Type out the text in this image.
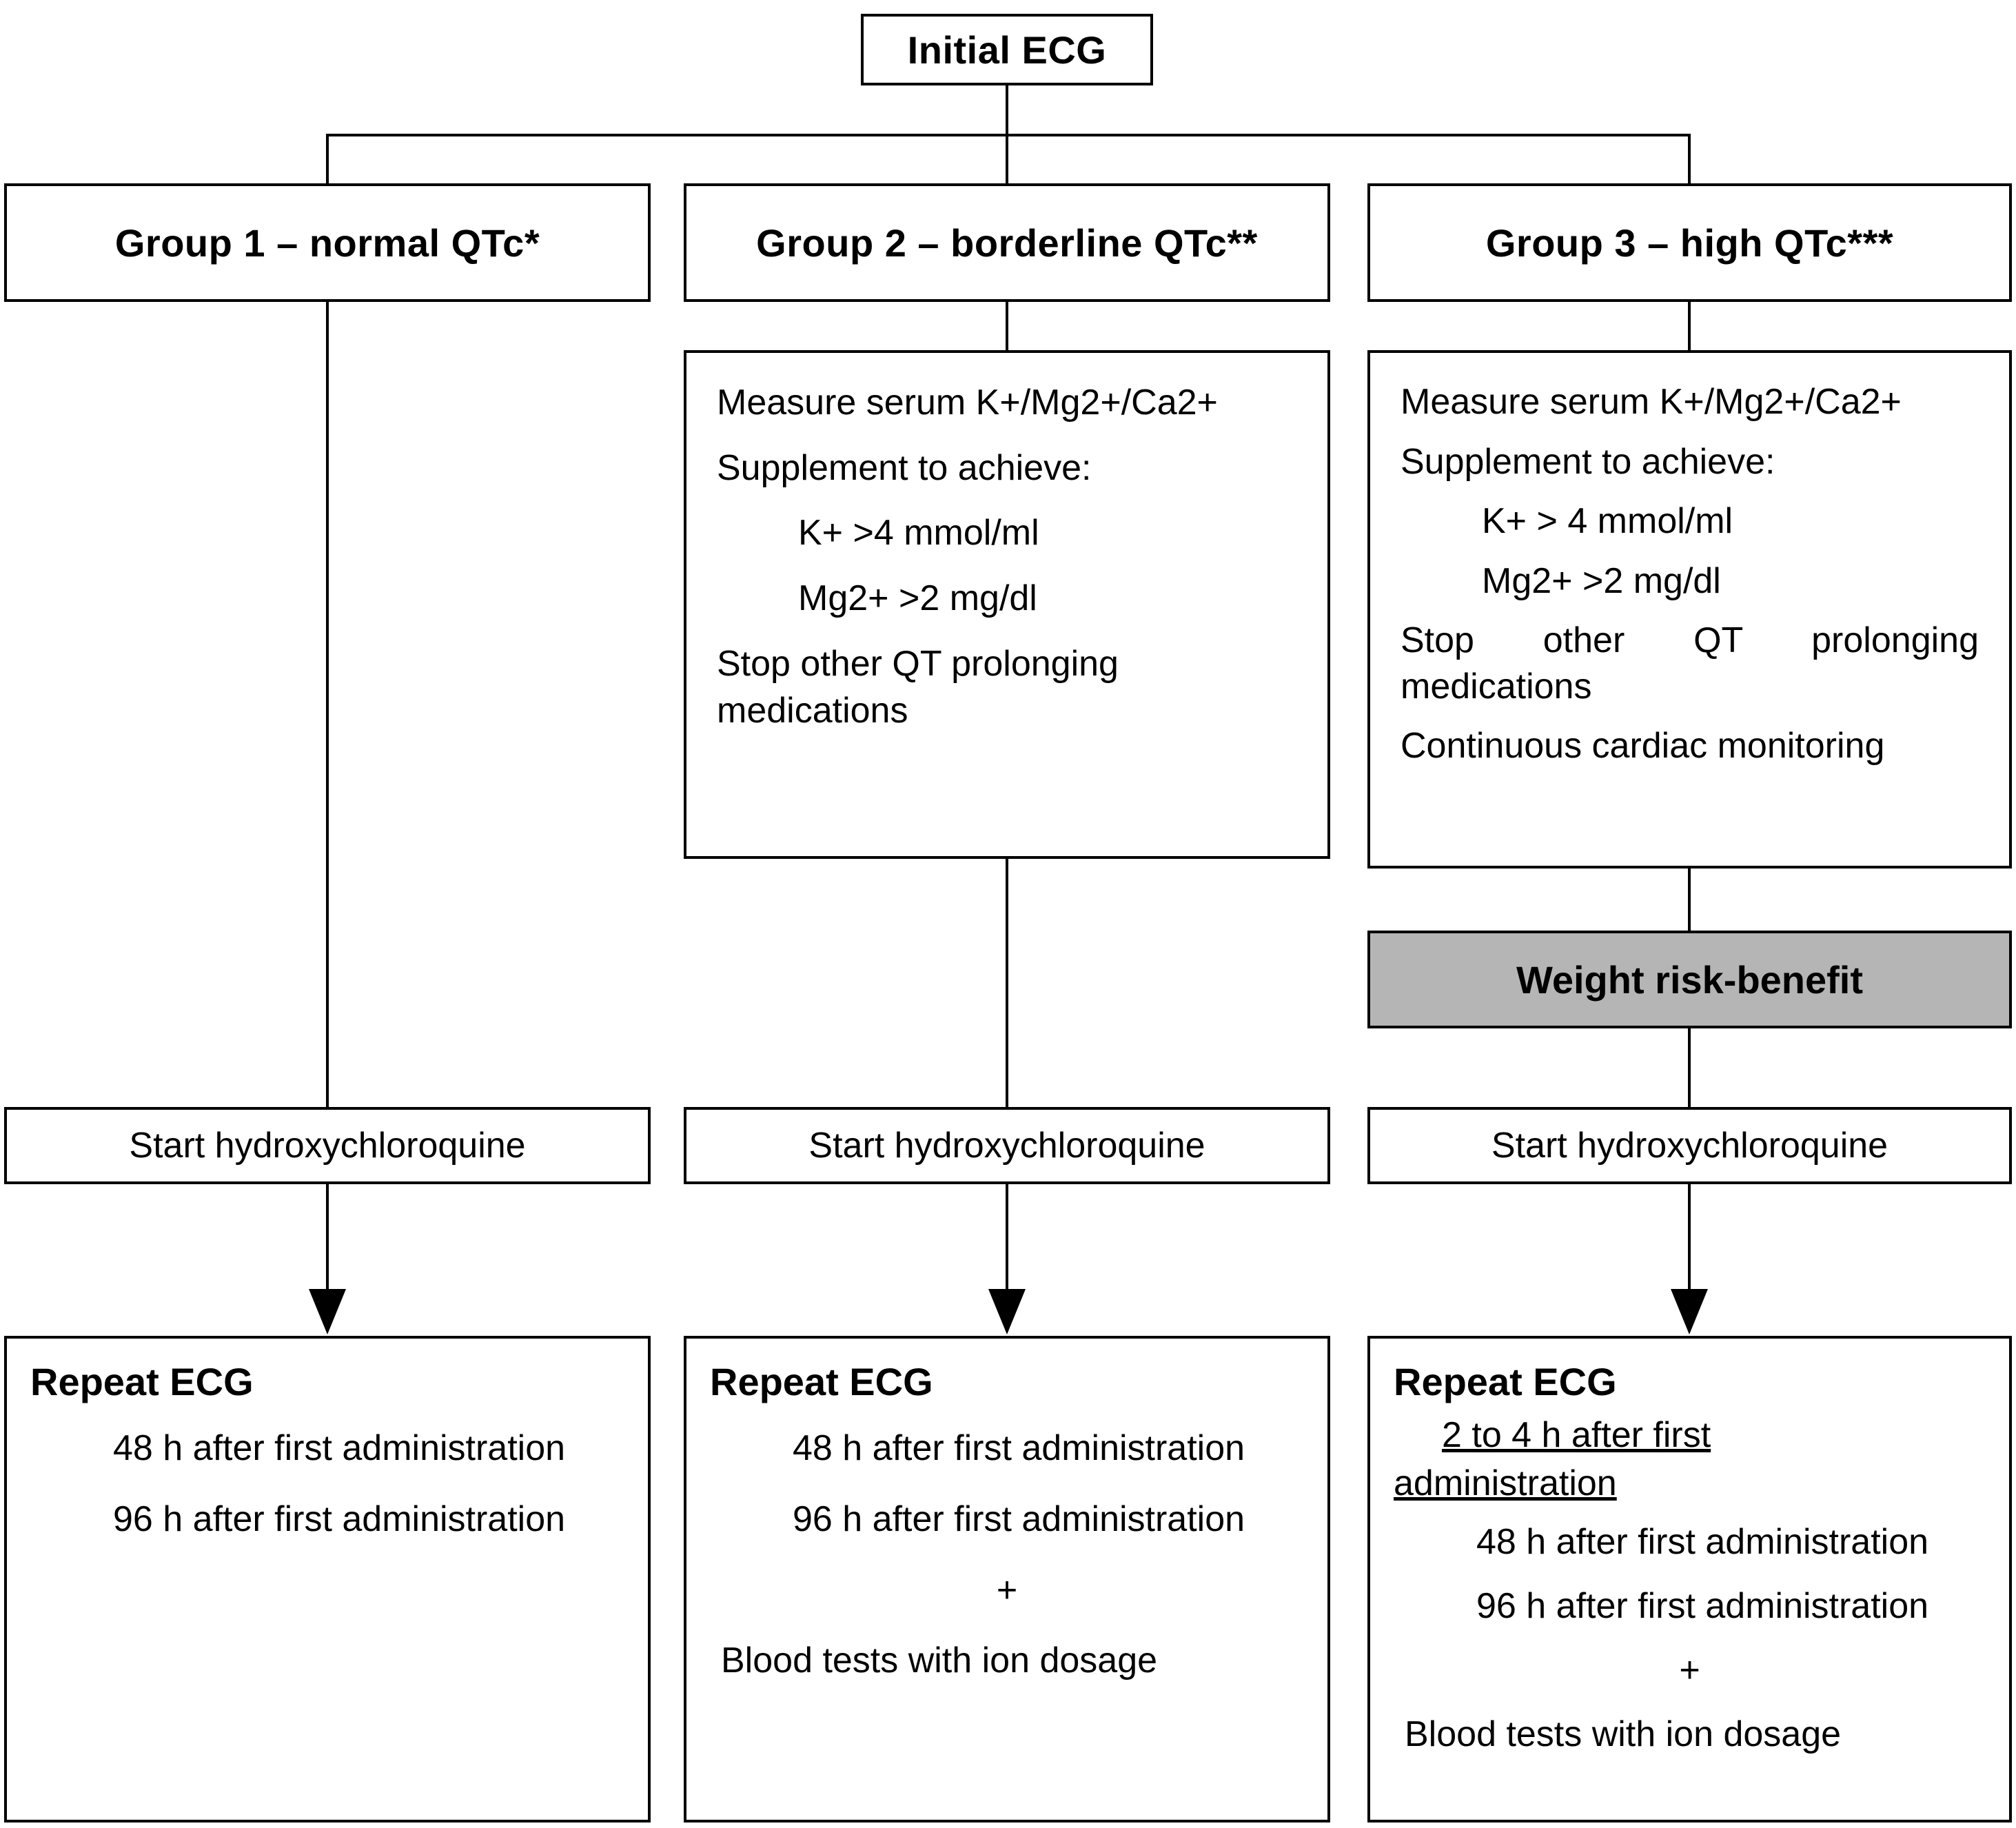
Initial ECG
Group 1 – normal QTc*	Group 2 – borderline QTc**	Group 3 – high QTc***

Measure serum K+/Mg2+/Ca2+

Supplement to achieve:

K+ >4 mmol/ml

Mg2+ >2 mg/dl

Stop other QT prolonging medications

Measure serum K+/Mg2+/Ca2+

Supplement to achieve:

K+ > 4 mmol/ml

Mg2+ >2 mg/dl

Stop other QT prolonging medications

Continuous cardiac monitoring

Weight risk-benefit
Start hydroxychloroquine	Start hydroxychloroquine	Start hydroxychloroquine

Repeat ECG

48 h after first administration

96 h after first administration

Repeat ECG

48 h after first administration

96 h after first administration

+

Blood tests with ion dosage

Repeat ECG

2 to 4 h after first

administration

48 h after first administration

96 h after first administration

+

Blood tests with ion dosage
